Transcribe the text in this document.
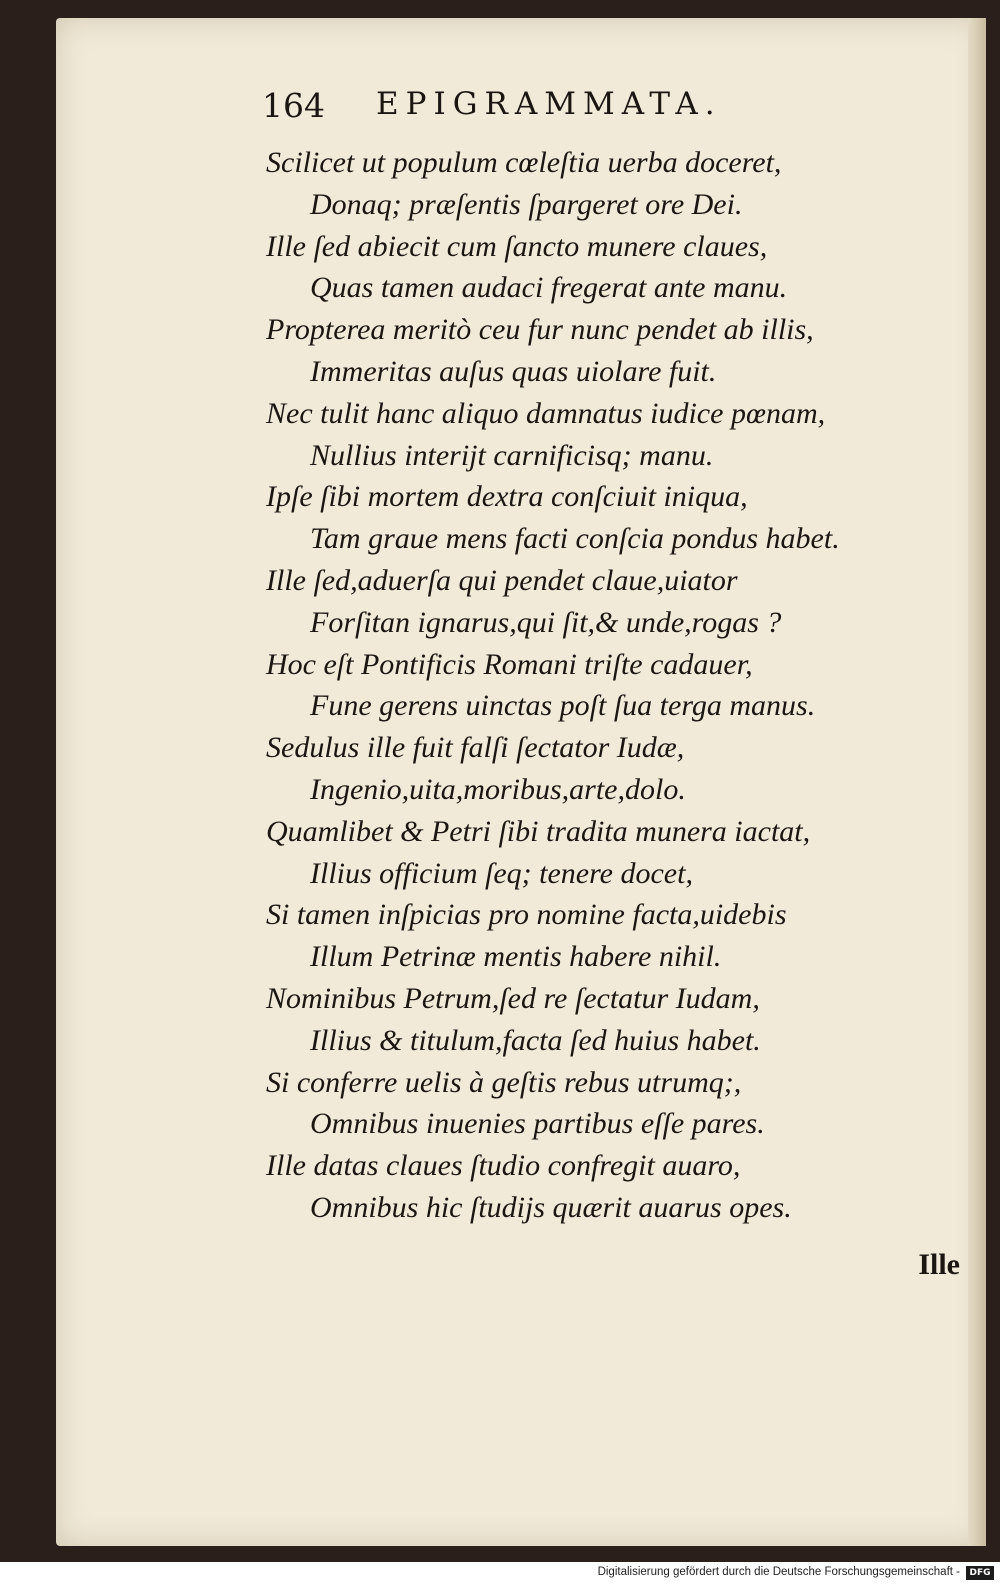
164 EPIGRAMMATA.
Scilicet ut populum cœleſtia uerba doceret,
Donaq; præſentis ſpargeret ore Dei.
Ille ſed abiecit cum ſancto munere claues,
Quas tamen audaci fregerat ante manu.
Propterea meritò ceu fur nunc pendet ab illis,
Immeritas auſus quas uiolare fuit.
Nec tulit hanc aliquo damnatus iudice pœnam,
Nullius interijt carnificisq; manu.
Ipſe ſibi mortem dextra conſciuit iniqua,
Tam graue mens facti conſcia pondus habet.
Ille ſed,aduerſa qui pendet claue,uiator
Forſitan ignarus,qui ſit,& unde,rogas ?
Hoc eſt Pontificis Romani triſte cadauer,
Fune gerens uinctas poſt ſua terga manus.
Sedulus ille fuit falſi ſectator Iudæ,
Ingenio,uita,moribus,arte,dolo.
Quamlibet & Petri ſibi tradita munera iactat,
Illius officium ſeq; tenere docet,
Si tamen inſpicias pro nomine facta,uidebis
Illum Petrinæ mentis habere nihil.
Nominibus Petrum,ſed re ſectatur Iudam,
Illius & titulum,facta ſed huius habet.
Si conferre uelis à geſtis rebus utrumq;,
Omnibus inuenies partibus eſſe pares.
Ille datas claues ſtudio confregit auaro,
Omnibus hic ſtudijs quærit auarus opes.
Ille
Digitalisierung gefördert durch die Deutsche Forschungsgemeinschaft -	DFG
